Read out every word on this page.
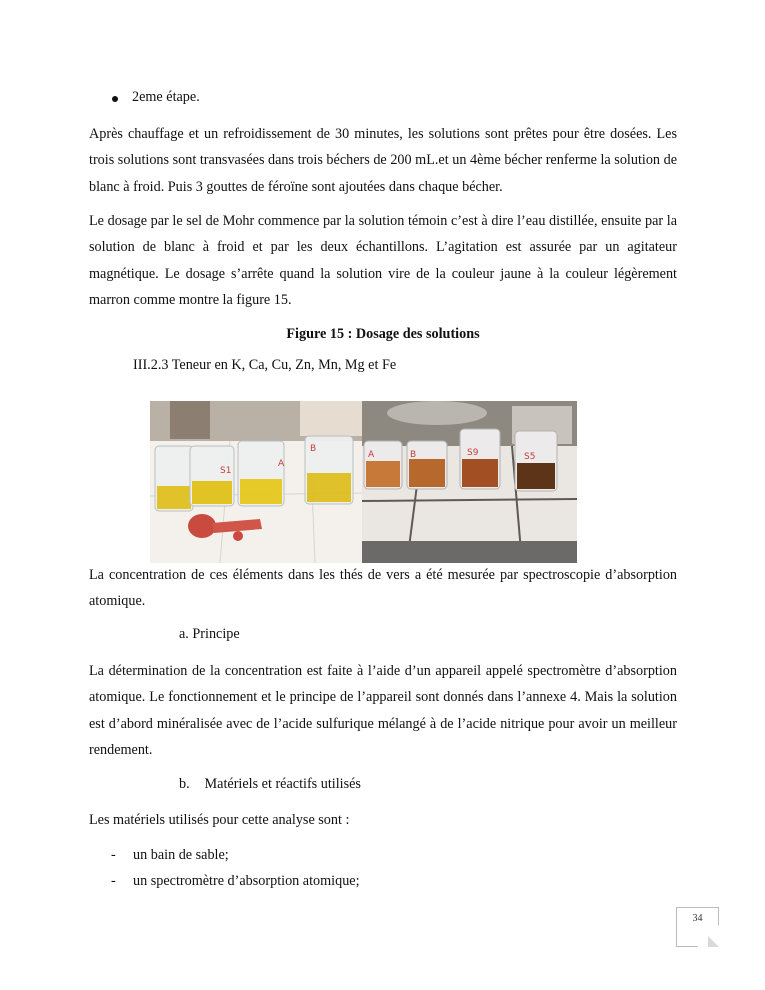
2eme étape.

Après chauffage et un refroidissement de 30 minutes, les solutions sont prêtes pour être dosées. Les trois solutions sont transvasées dans trois béchers de 200 mL.et un 4ème bécher renferme la solution de blanc à froid. Puis 3 gouttes de féroïne sont ajoutées dans chaque bécher.

Le dosage par le sel de Mohr commence par la solution témoin c’est à dire l’eau distillée, ensuite par la solution de blanc à froid et par les deux échantillons. L’agitation est assurée par un agitateur magnétique. Le dosage s’arrête quand la solution vire de la couleur jaune à la couleur légèrement marron comme montre la figure 15.

Figure 15 : Dosage des solutions
III.2.3 Teneur en K, Ca, Cu, Zn, Mn, Mg et Fe
S1
A
B
A	B	S9	S5

La concentration de ces éléments dans les thés de vers a été mesurée par spectroscopie d’absorption atomique.

a. Principe

La détermination de la concentration est faite à l’aide d’un appareil appelé spectromètre d’absorption atomique. Le fonctionnement et le principe de l’appareil sont donnés dans l’annexe 4. Mais la solution est d’abord minéralisée avec de l’acide sulfurique mélangé à de l’acide nitrique pour avoir un meilleur rendement.

b. Matériels et réactifs utilisés
Les matériels utilisés pour cette analyse sont :
-	un bain de sable;
-	un spectromètre d’absorption atomique;
34
